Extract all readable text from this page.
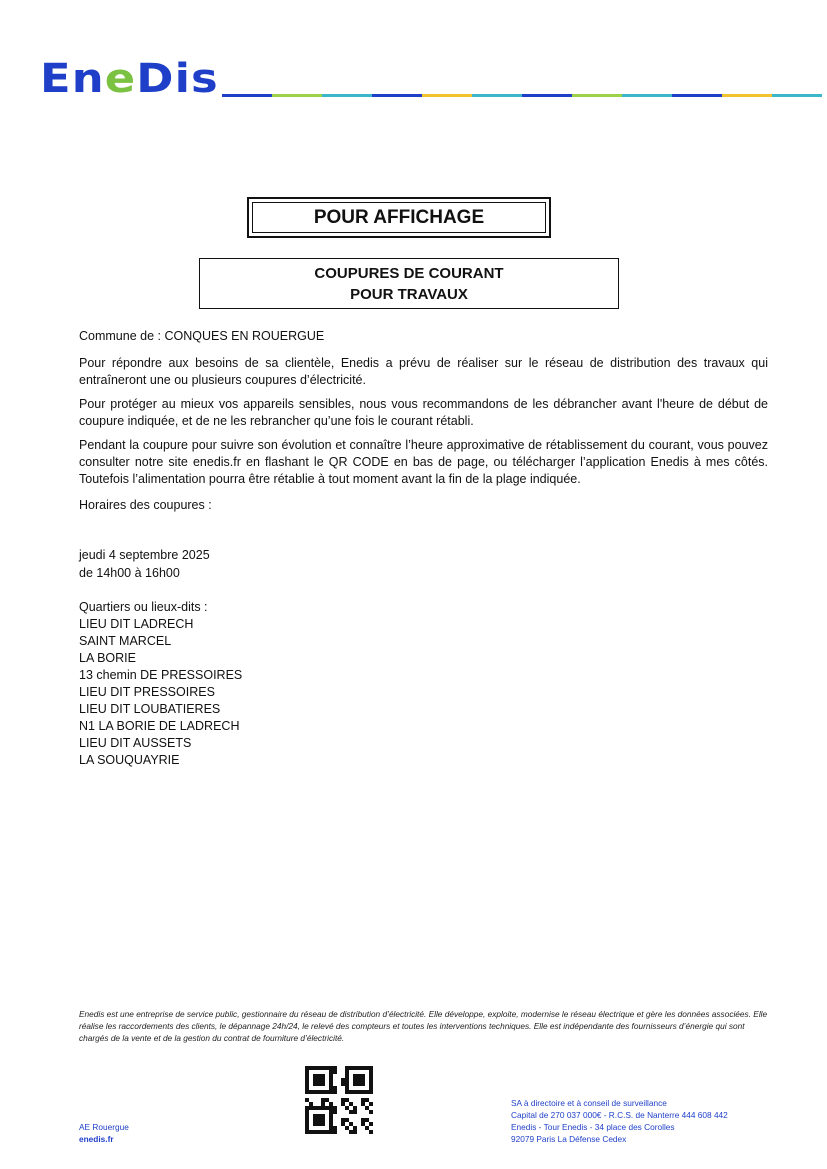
EneDis
POUR AFFICHAGE
COUPURES DE COURANT
POUR TRAVAUX
Commune de : CONQUES EN ROUERGUE
Pour répondre aux besoins de sa clientèle, Enedis a prévu de réaliser sur le réseau de distribution des travaux qui entraîneront une ou plusieurs coupures d’électricité.
Pour protéger au mieux vos appareils sensibles, nous vous recommandons de les débrancher avant l'heure de début de coupure indiquée, et de ne les rebrancher qu’une fois le courant rétabli.
Pendant la coupure pour suivre son évolution et connaître l’heure approximative de rétablissement du courant, vous pouvez consulter notre site enedis.fr en flashant le QR CODE en bas de page, ou télécharger l’application Enedis à mes côtés. Toutefois l’alimentation pourra être rétablie à tout moment avant la fin de la plage indiquée.
Horaires des coupures :
jeudi 4 septembre 2025
de 14h00 à 16h00
Quartiers ou lieux-dits :
LIEU DIT LADRECH
SAINT MARCEL
LA BORIE
13 chemin DE PRESSOIRES
LIEU DIT PRESSOIRES
LIEU DIT LOUBATIERES
N1 LA BORIE DE LADRECH
LIEU DIT AUSSETS
LA SOUQUAYRIE
Enedis est une entreprise de service public, gestionnaire du réseau de distribution d’électricité. Elle développe, exploite, modernise le réseau électrique et gère les données associées. Elle réalise les raccordements des clients, le dépannage 24h/24, le relevé des compteurs et toutes les interventions techniques. Elle est indépendante des fournisseurs d’énergie qui sont chargés de la vente et de la gestion du contrat de fourniture d’électricité.
AE Rouergue
enedis.fr
SA à directoire et à conseil de surveillance
Capital de 270 037 000€ - R.C.S. de Nanterre 444 608 442
Enedis - Tour Enedis - 34 place des Corolles
92079 Paris La Défense Cedex
